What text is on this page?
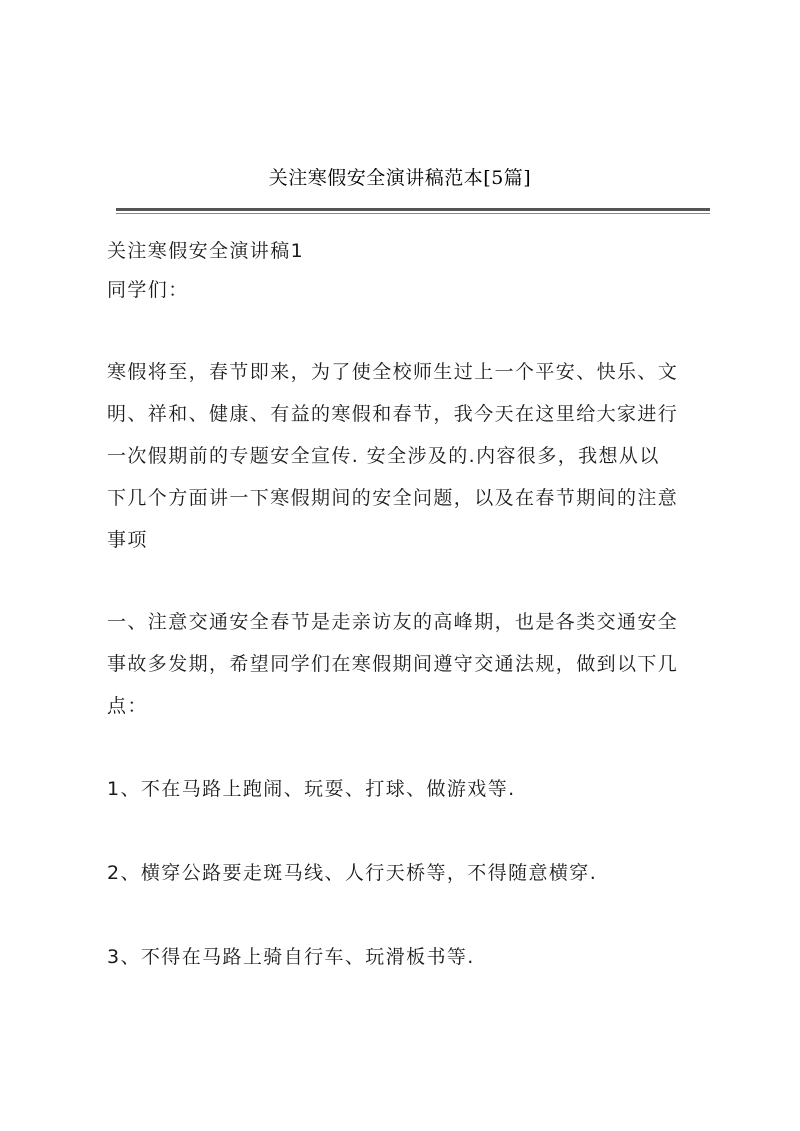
关注寒假安全演讲稿范本[5篇]

关注寒假安全演讲稿1

同学们：

寒假将至，春节即来，为了使全校师生过上一个平安、快乐、文

明、祥和、健康、有益的寒假和春节，我今天在这里给大家进行

一次假期前的专题安全宣传. 安全涉及的.内容很多，我想从以

下几个方面讲一下寒假期间的安全问题，以及在春节期间的注意

事项

一、注意交通安全春节是走亲访友的高峰期，也是各类交通安全

事故多发期，希望同学们在寒假期间遵守交通法规，做到以下几

点：

1、不在马路上跑闹、玩耍、打球、做游戏等.

2、横穿公路要走斑马线、人行天桥等，不得随意横穿.

3、不得在马路上骑自行车、玩滑板书等.
